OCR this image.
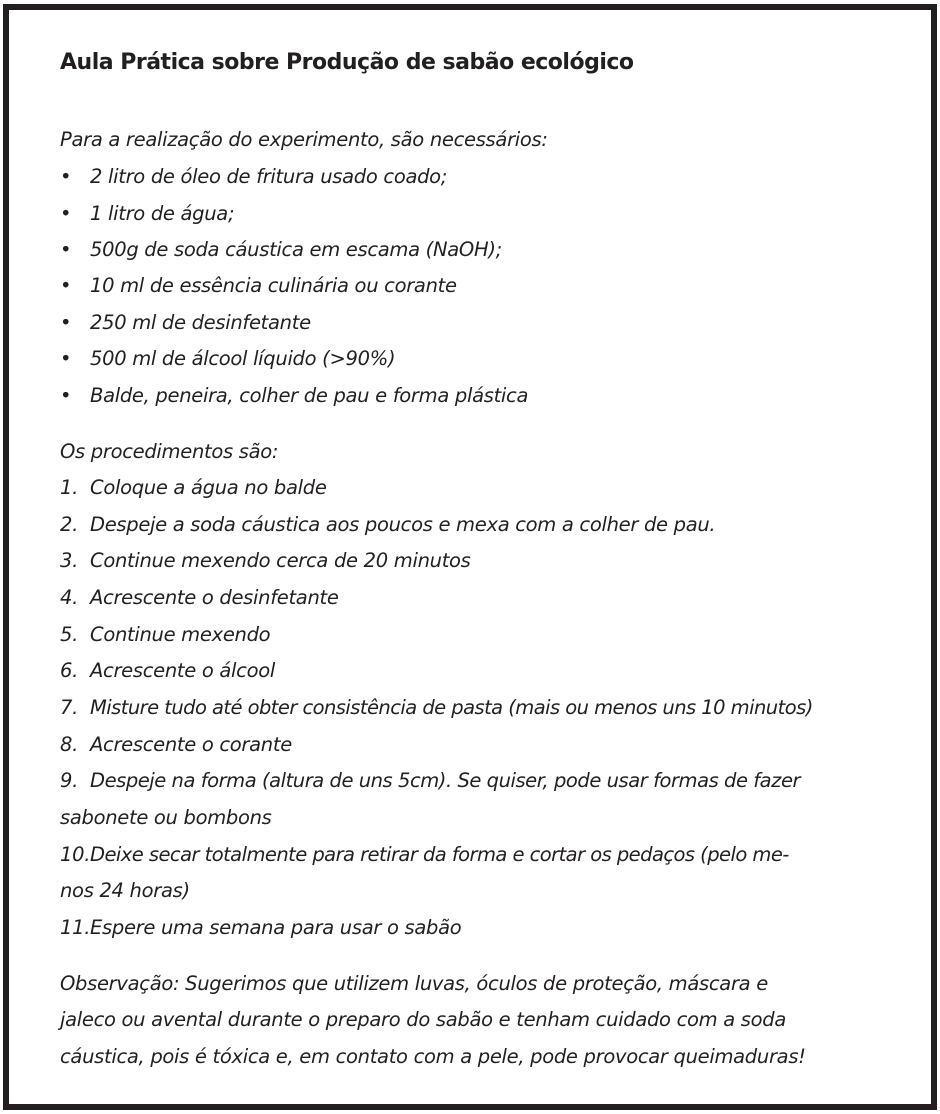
Aula Prática sobre Produção de sabão ecológico
Para a realização do experimento, são necessários:
• 2 litro de óleo de fritura usado coado;
• 1 litro de água;
• 500g de soda cáustica em escama (NaOH);
• 10 ml de essência culinária ou corante
• 250 ml de desinfetante
• 500 ml de álcool líquido (>90%)
• Balde, peneira, colher de pau e forma plástica
Os procedimentos são:
1. Coloque a água no balde
2. Despeje a soda cáustica aos poucos e mexa com a colher de pau.
3. Continue mexendo cerca de 20 minutos
4. Acrescente o desinfetante
5. Continue mexendo
6. Acrescente o álcool
7. Misture tudo até obter consistência de pasta (mais ou menos uns 10 minutos)
8. Acrescente o corante
9. Despeje na forma (altura de uns 5cm). Se quiser, pode usar formas de fazer
sabonete ou bombons
10. Deixe secar totalmente para retirar da forma e cortar os pedaços (pelo me-
nos 24 horas)
11. Espere uma semana para usar o sabão
Observação: Sugerimos que utilizem luvas, óculos de proteção, máscara e
jaleco ou avental durante o preparo do sabão e tenham cuidado com a soda
cáustica, pois é tóxica e, em contato com a pele, pode provocar queimaduras!
